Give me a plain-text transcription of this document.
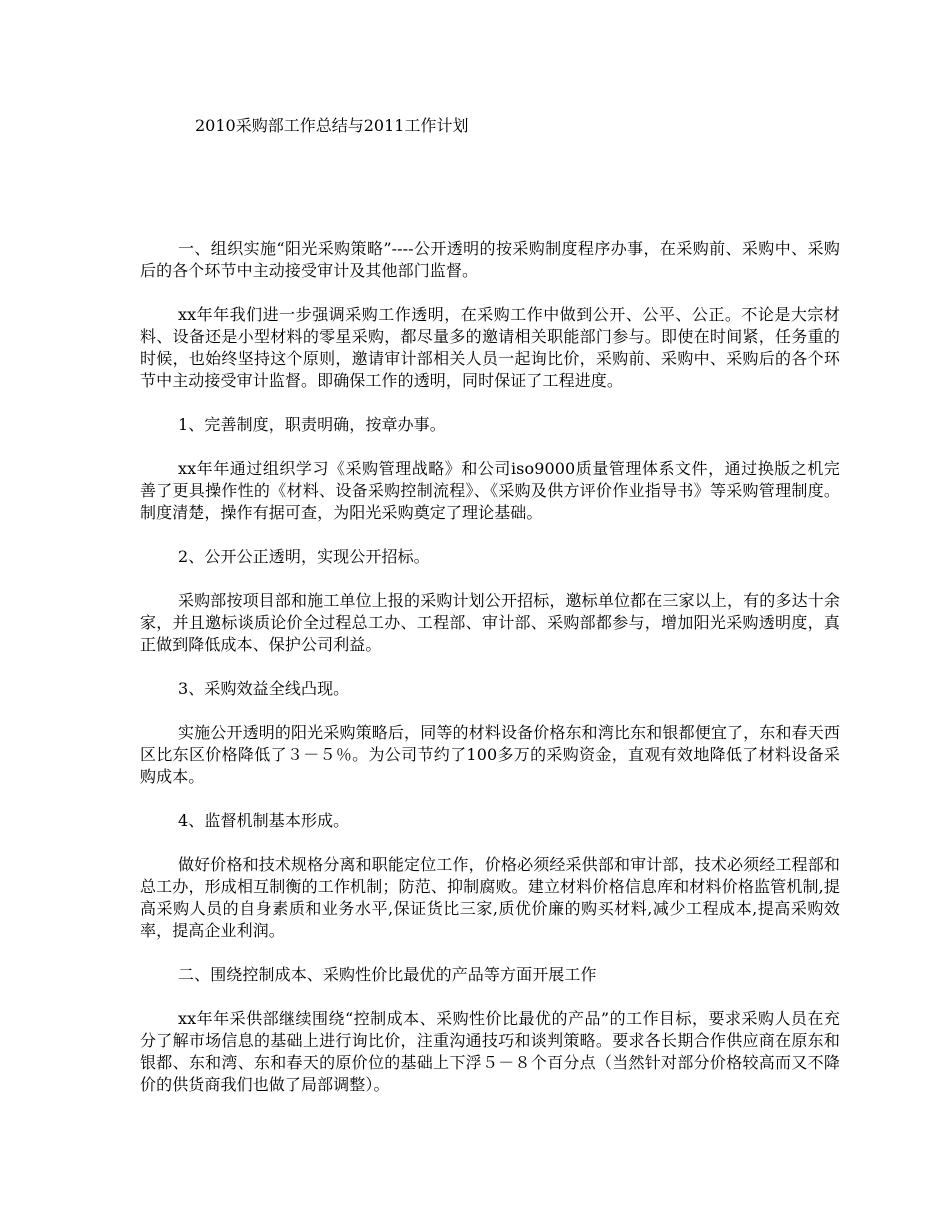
2010采购部工作总结与2011工作计划

一、组织实施“阳光采购策略”----公开透明的按采购制度程序办事，在采购前、采购中、采购后的各个环节中主动接受审计及其他部门监督。

xx年年我们进一步强调采购工作透明，在采购工作中做到公开、公平、公正。不论是大宗材料、设备还是小型材料的零星采购，都尽量多的邀请相关职能部门参与。即使在时间紧，任务重的时候，也始终坚持这个原则，邀请审计部相关人员一起询比价，采购前、采购中、采购后的各个环节中主动接受审计监督。即确保工作的透明，同时保证了工程进度。

1、完善制度，职责明确，按章办事。

xx年年通过组织学习《采购管理战略》和公司iso9000质量管理体系文件，通过换版之机完善了更具操作性的《材料、设备采购控制流程》、《采购及供方评价作业指导书》等采购管理制度。制度清楚，操作有据可查，为阳光采购奠定了理论基础。

2、公开公正透明，实现公开招标。

采购部按项目部和施工单位上报的采购计划公开招标，邀标单位都在三家以上，有的多达十余家，并且邀标谈质论价全过程总工办、工程部、审计部、采购部都参与，增加阳光采购透明度，真正做到降低成本、保护公司利益。

3、采购效益全线凸现。

实施公开透明的阳光采购策略后，同等的材料设备价格东和湾比东和银都便宜了，东和春天西区比东区价格降低了３－５％。为公司节约了100多万的采购资金，直观有效地降低了材料设备采购成本。

4、监督机制基本形成。

做好价格和技术规格分离和职能定位工作，价格必须经采供部和审计部，技术必须经工程部和总工办，形成相互制衡的工作机制；防范、抑制腐败。建立材料价格信息库和材料价格监管机制,提高采购人员的自身素质和业务水平,保证货比三家,质优价廉的购买材料,减少工程成本,提高采购效率，提高企业利润。

二、围绕控制成本、采购性价比最优的产品等方面开展工作

xx年年采供部继续围绕“控制成本、采购性价比最优的产品”的工作目标，要求采购人员在充分了解市场信息的基础上进行询比价，注重沟通技巧和谈判策略。要求各长期合作供应商在原东和银都、东和湾、东和春天的原价位的基础上下浮５－８个百分点（当然针对部分价格较高而又不降价的供货商我们也做了局部调整）。
